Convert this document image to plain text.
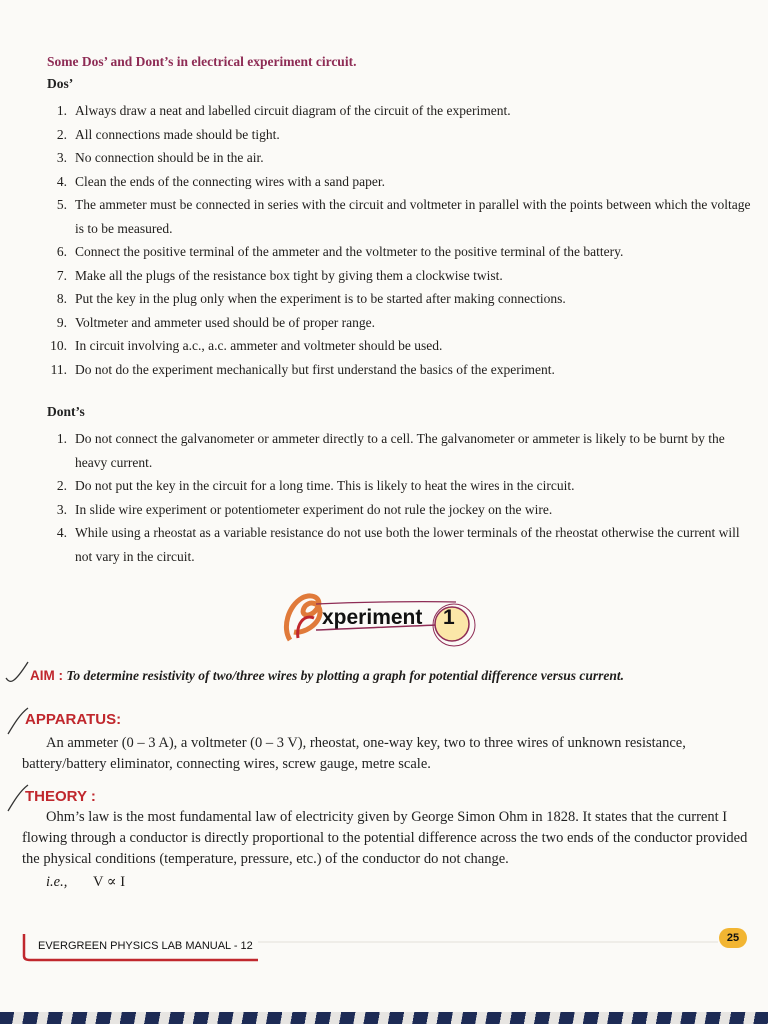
Some Dos’ and Dont’s in electrical experiment circuit.
Dos’
1. Always draw a neat and labelled circuit diagram of the circuit of the experiment.
2. All connections made should be tight.
3. No connection should be in the air.
4. Clean the ends of the connecting wires with a sand paper.
5. The ammeter must be connected in series with the circuit and voltmeter in parallel with the points between which the voltage is to be measured.
6. Connect the positive terminal of the ammeter and the voltmeter to the positive terminal of the battery.
7. Make all the plugs of the resistance box tight by giving them a clockwise twist.
8. Put the key in the plug only when the experiment is to be started after making connections.
9. Voltmeter and ammeter used should be of proper range.
10. In circuit involving a.c., a.c. ammeter and voltmeter should be used.
11. Do not do the experiment mechanically but first understand the basics of the experiment.
Dont’s
1. Do not connect the galvanometer or ammeter directly to a cell. The galvanometer or ammeter is likely to be burnt by the heavy current.
2. Do not put the key in the circuit for a long time. This is likely to heat the wires in the circuit.
3. In slide wire experiment or potentiometer experiment do not rule the jockey on the wire.
4. While using a rheostat as a variable resistance do not use both the lower terminals of the rheostat otherwise the current will not vary in the circuit.
xperiment 1
AIM : To determine resistivity of two/three wires by plotting a graph for potential difference versus current.
APPARATUS:
An ammeter (0 – 3 A), a voltmeter (0 – 3 V), rheostat, one-way key, two to three wires of unknown resistance, battery/battery eliminator, connecting wires, screw gauge, metre scale.
THEORY :
Ohm’s law is the most fundamental law of electricity given by George Simon Ohm in 1828. It states that the current I flowing through a conductor is directly proportional to the potential difference across the two ends of the conductor provided the physical conditions (temperature, pressure, etc.) of the conductor do not change.
i.e., V ∝ I
EVERGREEN PHYSICS LAB MANUAL - 12
25
